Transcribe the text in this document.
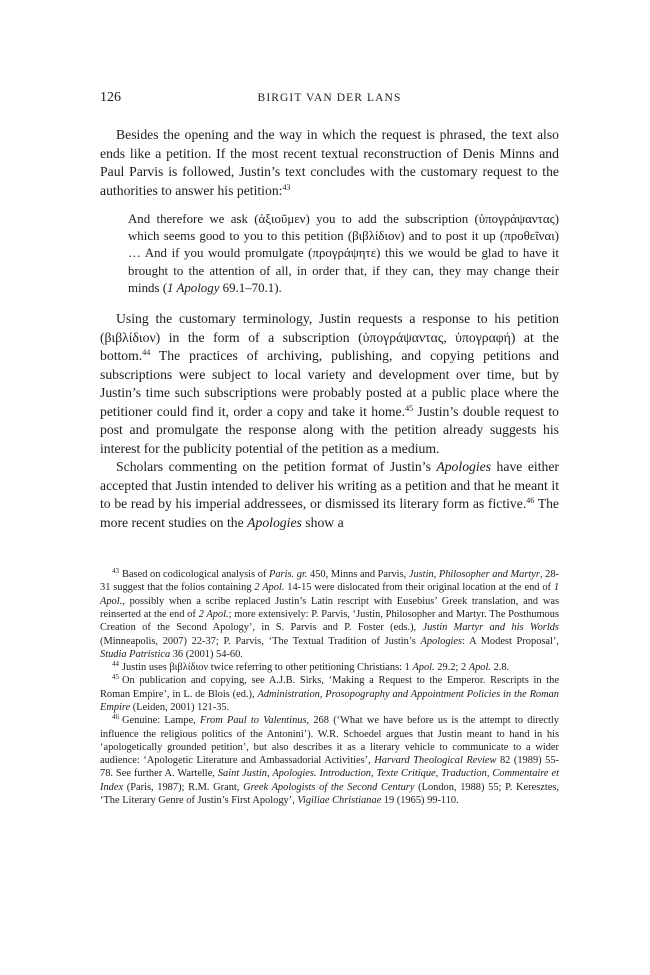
126	BIRGIT VAN DER LANS

Besides the opening and the way in which the request is phrased, the text also ends like a petition. If the most recent textual reconstruction of Denis Minns and Paul Parvis is followed, Justin’s text concludes with the customary request to the authorities to answer his petition:$^{43}$

And therefore we ask (ἀξιοῦμεν) you to add the subscription (ὑπογράψαντας) which seems good to you to this petition (βιβλίδιον) and to post it up (προθεῖναι) … And if you would promulgate (προγράψητε) this we would be glad to have it brought to the attention of all, in order that, if they can, they may change their minds (1 Apology 69.1–70.1).

Using the customary terminology, Justin requests a response to his petition (βιβλίδιον) in the form of a subscription (ὑπογράψαντας, ὑπογραφή) at the bottom.$^{44}$ The practices of archiving, publishing, and copying petitions and subscriptions were subject to local variety and development over time, but by Justin’s time such subscriptions were probably posted at a public place where the petitioner could find it, order a copy and take it home.$^{45}$ Justin’s double request to post and promulgate the response along with the petition already suggests his interest for the publicity potential of the petition as a medium.

Scholars commenting on the petition format of Justin’s Apologies have either accepted that Justin intended to deliver his writing as a petition and that he meant it to be read by his imperial addressees, or dismissed its literary form as fictive.$^{46}$ The more recent studies on the Apologies show a

$^{43}$ Based on codicological analysis of Paris. gr. 450, Minns and Parvis, Justin, Philosopher and Martyr, 28-31 suggest that the folios containing 2 Apol. 14-15 were dislocated from their original location at the end of 1 Apol., possibly when a scribe replaced Justin’s Latin rescript with Eusebius’ Greek translation, and was reinserted at the end of 2 Apol.; more extensively: P. Parvis, ‘Justin, Philosopher and Martyr. The Posthumous Creation of the Second Apology’, in S. Parvis and P. Foster (eds.), Justin Martyr and his Worlds (Minneapolis, 2007) 22-37; P. Parvis, ‘The Textual Tradition of Justin’s Apologies: A Modest Proposal’, Studia Patristica 36 (2001) 54-60.

$^{44}$ Justin uses βιβλίδιον twice referring to other petitioning Christians: 1 Apol. 29.2; 2 Apol. 2.8.

$^{45}$ On publication and copying, see A.J.B. Sirks, ‘Making a Request to the Emperor. Rescripts in the Roman Empire’, in L. de Blois (ed.), Administration, Prosopography and Appointment Policies in the Roman Empire (Leiden, 2001) 121-35.

$^{46}$ Genuine: Lampe, From Paul to Valentinus, 268 (‘What we have before us is the attempt to directly influence the religious politics of the Antonini’). W.R. Schoedel argues that Justin meant to hand in his ‘apologetically grounded petition’, but also describes it as a literary vehicle to communicate to a wider audience: ‘Apologetic Literature and Ambassadorial Activities’, Harvard Theological Review 82 (1989) 55-78. See further A. Wartelle, Saint Justin, Apologies. Introduction, Texte Critique, Traduction, Commentaire et Index (Paris, 1987); R.M. Grant, Greek Apologists of the Second Century (London, 1988) 55; P. Keresztes, ‘The Literary Genre of Justin’s First Apology’, Vigiliae Christianae 19 (1965) 99-110.
